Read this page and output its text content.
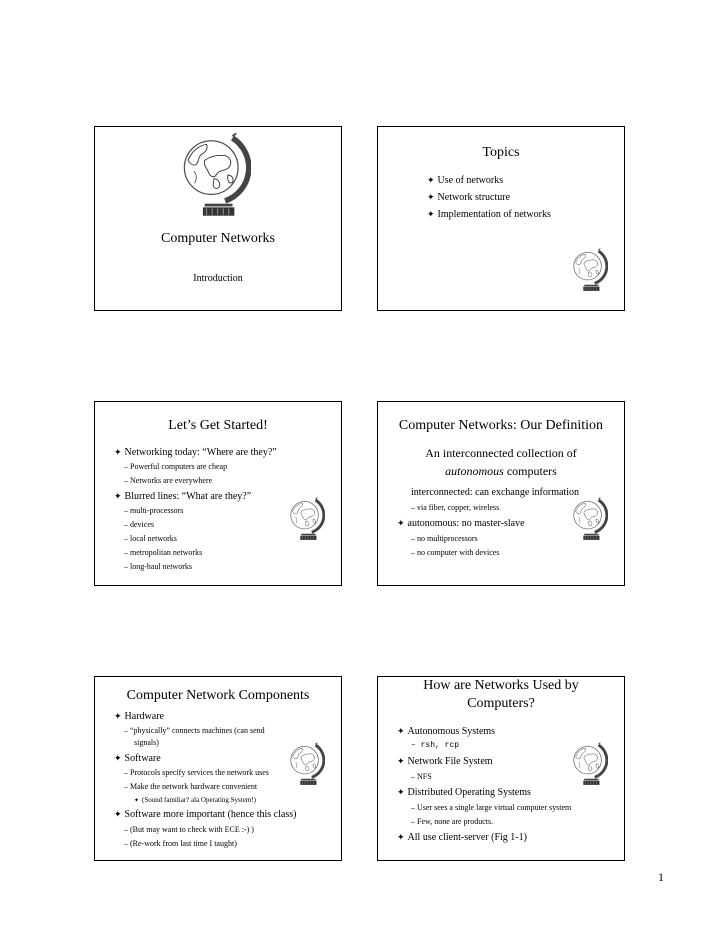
Computer Networks
Introduction
Topics
✦ Use of networks
✦ Network structure
✦ Implementation of networks
Let’s Get Started!
✦ Networking today: “Where are they?”
– Powerful computers are cheap
– Networks are everywhere
✦ Blurred lines: “What are they?”
– multi-processors
– devices
– local networks
– metropolitan networks
– long-haul networks
Computer Networks: Our Definition
An interconnected collection of
autonomous computers
interconnected: can exchange information
– via fiber, copper, wireless
✦ autonomous: no master-slave
– no multiprocessors
– no computer with devices
Computer Network Components
✦ Hardware
– “physically” connects machines (can send
signals)
✦ Software
– Protocols specify services the network uses
– Make the network hardware convenient
✦ (Sound familiar? ala Operating System!)
✦ Software more important (hence this class)
– (But may want to check with ECE :-) )
– (Re-work from last time I taught)
How are Networks Used by
Computers?
✦ Autonomous Systems
– rsh, rcp
✦ Network File System
– NFS
✦ Distributed Operating Systems
– User sees a single large virtual computer system
– Few, none are products.
✦ All use client-server (Fig 1-1)
1
